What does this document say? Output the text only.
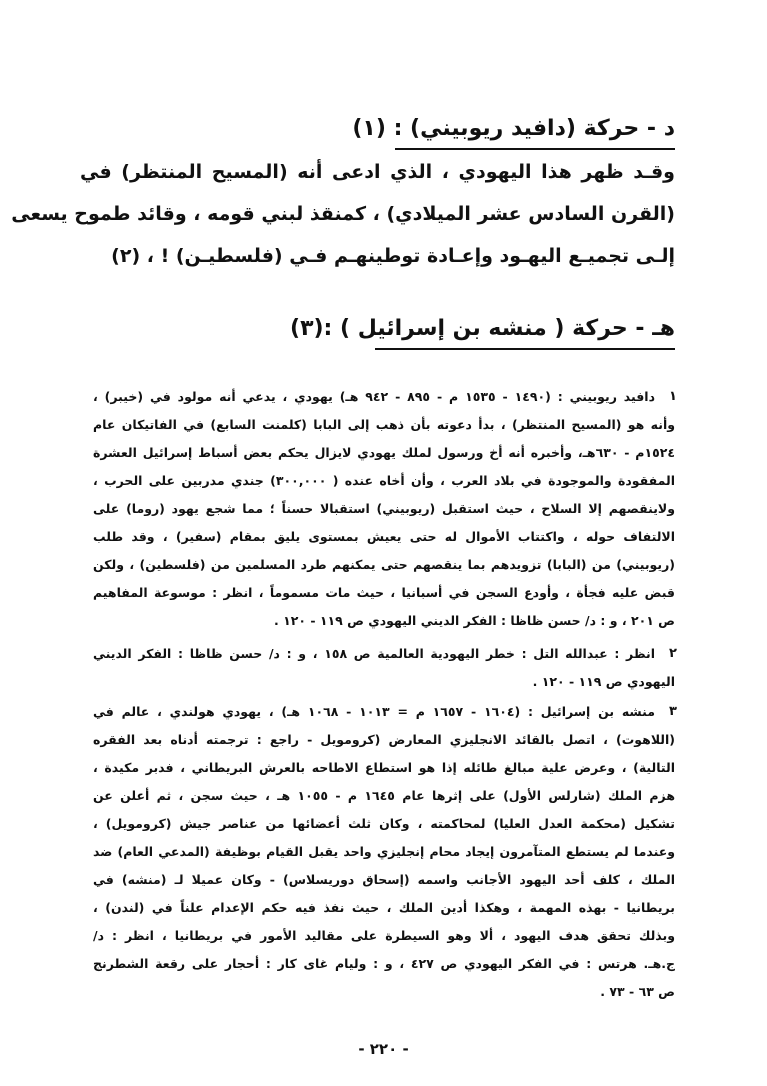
د - حركة (دافيد ريوبيني) : (١)
وقـد ظهر هذا اليهودي ، الذي ادعى أنه (المسيح المنتظر) في
(القرن السادس عشر الميلادي) ، كمنقذ لبني قومه ، وقائد طموح يسعى
إلـى تجميـع اليهـود وإعـادة توطينهـم فـي (فلسطيـن) ! ، (٢)
هـ - حركة ( منشه بن إسرائيل ) :(٣)
١
دافيد ريوبيني : (١٤٩٠ - ١٥٣٥ م - ٨٩٥ - ٩٤٢ هـ) يهودي ، يدعي أنه مولود في (خيبر) ،
وأنه هو (المسيح المنتظر) ، بدأ دعوته بأن ذهب إلى البابا (كلمنت السابع) في الفاتيكان عام
١٥٢٤م - ٦٣٠هـ، وأخبره أنه أخ ورسول لملك يهودي لايزال يحكم بعض أسباط إسرائيل العشرة
المفقودة والموجودة في بلاد العرب ، وأن أخاه عنده ( ٣٠٠,٠٠٠) جندي مدربين على الحرب ،
ولاينقصهم إلا السلاح ، حيث استقبل (ريوبيني) استقبالا حسناً ؛ مما شجع يهود (روما) على
الالتفاف حوله ، واكتتاب الأموال له حتى يعيش بمستوى يليق بمقام (سفير) ، وقد طلب
(ريوبيني) من (البابا) تزويدهم بما ينقصهم حتى يمكنهم طرد المسلمين من (فلسطين) ، ولكن
قبض عليه فجأة ، وأودع السجن في أسبانيا ، حيث مات مسموماً ، انظر : موسوعة المفاهيم
ص ٢٠١ ، و : د/ حسن ظاظا : الفكر الديني اليهودي ص ١١٩ - ١٢٠ .
٢
انظر : عبدالله التل : خطر اليهودية العالمية ص ١٥٨ ، و : د/ حسن ظاظا : الفكر الديني
اليهودي ص ١١٩ - ١٢٠ .
٣
منشه بن إسرائيل : (١٦٠٤ - ١٦٥٧ م = ١٠١٣ - ١٠٦٨ هـ) ، يهودي هولندي ، عالم في
(اللاهوت) ، اتصل بالقائد الانجليزي المعارض (كرومويل - راجع : ترجمته أدناه بعد الفقره
التالية) ، وعرض علية مبالغ طائله إذا هو استطاع الاطاحه بالعرش البريطاني ، فدبر مكيدة ،
هزم الملك (شارلس الأول) على إثرها عام ١٦٤٥ م - ١٠٥٥ هـ ، حيث سجن ، ثم أعلن عن
تشكيل (محكمة العدل العليا) لمحاكمته ، وكان ثلث أعضائها من عناصر جيش (كرومويل) ،
وعندما لم يستطع المتآمرون إيجاد محام إنجليزي واحد يقبل القيام بوظيفة (المدعي العام) ضد
الملك ، كلف أحد اليهود الأجانب واسمه (إسحاق دوريسلاس) - وكان عميلا لـ (منشه) في
بريطانيا - بهذه المهمة ، وهكذا أدين الملك ، حيث نفذ فيه حكم الإعدام علناً في (لندن) ،
وبذلك تحقق هدف اليهود ، ألا وهو السيطرة على مقاليد الأمور في بريطانيا ، انظر : د/
ج.هـ. هرتس : في الفكر اليهودي ص ٤٢٧ ، و : وليام غاى كار : أحجار على رقعة الشطرنج
ص ٦٣ - ٧٣ .
- ٢٢٠ -
